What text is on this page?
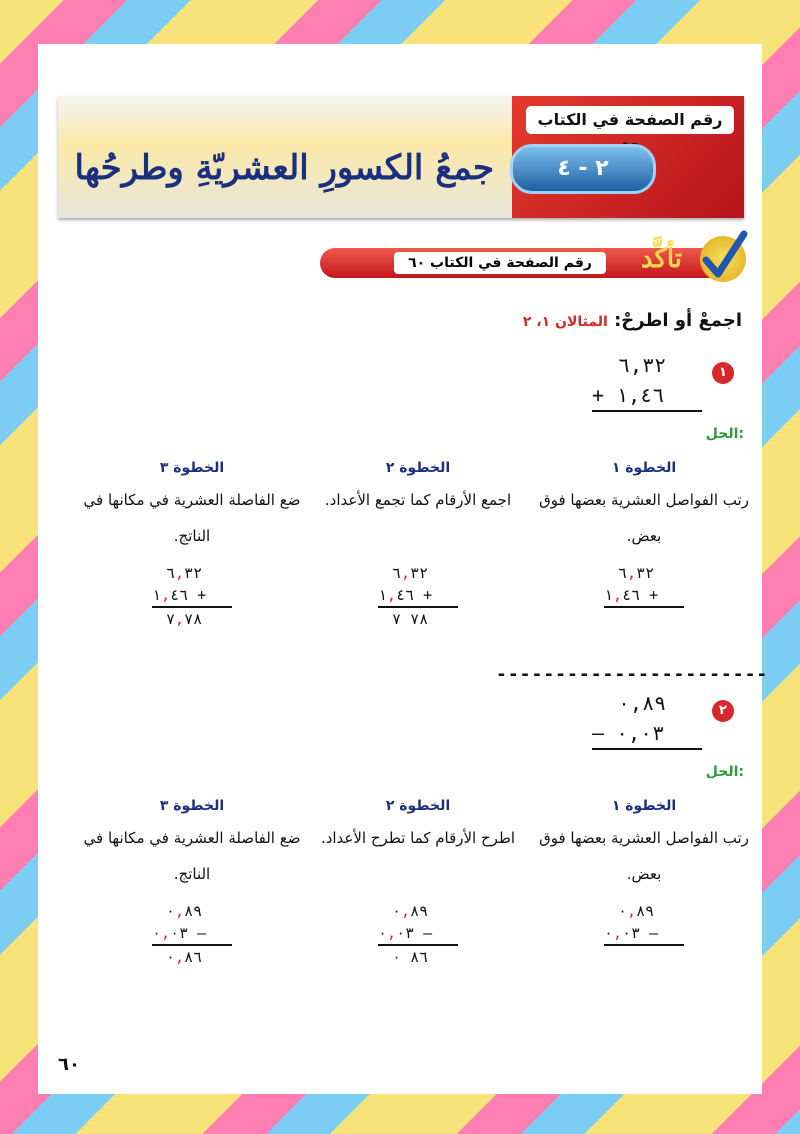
رقم الصفحة في الكتاب
٢ - ٤
جمعُ الكسورِ العشريّةِ وطرحُها
رقم الصفحة في الكتاب ٦٠	تأكَّد
اجمعْ أو اطرحْ: المثالان ١، ٢
١
٦,٣٢
+ ١,٤٦
الحل:
الخطوة ١
رتب الفواصل العشرية بعضها فوق بعض.
٦,٣٢
+ ١,٤٦
الخطوة ٢
اجمع الأرقام كما تجمع الأعداد.
٦,٣٢
+ ١,٤٦
٧ ٧٨
الخطوة ٣
ضع الفاصلة العشرية في مكانها في الناتج.
٦,٣٢
+ ١,٤٦
٧,٧٨
-----------------------
٢
٠,٨٩
– ٠,٠٣
الحل:
الخطوة ١
رتب الفواصل العشرية بعضها فوق بعض.
٠,٨٩
– ٠,٠٣
الخطوة ٢
اطرح الأرقام كما تطرح الأعداد.
٠,٨٩
– ٠,٠٣
٠ ٨٦
الخطوة ٣
ضع الفاصلة العشرية في مكانها في الناتج.
٠,٨٩
– ٠,٠٣
٠,٨٦
٦٠
